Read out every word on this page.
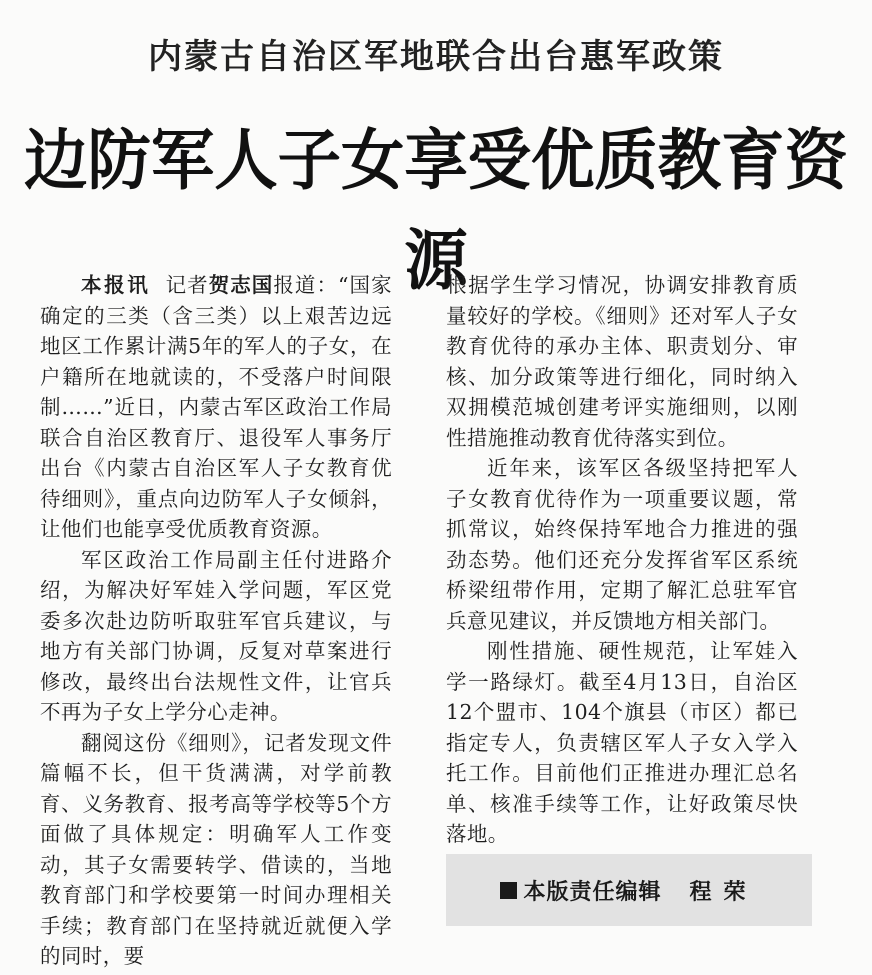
内蒙古自治区军地联合出台惠军政策
边防军人子女享受优质教育资源

本报讯 记者贺志国报道：“国家确定的三类（含三类）以上艰苦边远地区工作累计满5年的军人的子女，在户籍所在地就读的，不受落户时间限制……”近日，内蒙古军区政治工作局联合自治区教育厅、退役军人事务厅出台《内蒙古自治区军人子女教育优待细则》，重点向边防军人子女倾斜，让他们也能享受优质教育资源。

军区政治工作局副主任付进路介绍，为解决好军娃入学问题，军区党委多次赴边防听取驻军官兵建议，与地方有关部门协调，反复对草案进行修改，最终出台法规性文件，让官兵不再为子女上学分心走神。

翻阅这份《细则》，记者发现文件篇幅不长，但干货满满，对学前教育、义务教育、报考高等学校等5个方面做了具体规定：明确军人工作变动，其子女需要转学、借读的，当地教育部门和学校要第一时间办理相关手续；教育部门在坚持就近就便入学的同时，要

根据学生学习情况，协调安排教育质量较好的学校。《细则》还对军人子女教育优待的承办主体、职责划分、审核、加分政策等进行细化，同时纳入双拥模范城创建考评实施细则，以刚性措施推动教育优待落实到位。

近年来，该军区各级坚持把军人子女教育优待作为一项重要议题，常抓常议，始终保持军地合力推进的强劲态势。他们还充分发挥省军区系统桥梁纽带作用，定期了解汇总驻军官兵意见建议，并反馈地方相关部门。

刚性措施、硬性规范，让军娃入学一路绿灯。截至4月13日，自治区12个盟市、104个旗县（市区）都已指定专人，负责辖区军人子女入学入托工作。目前他们正推进办理汇总名单、核准手续等工作，让好政策尽快落地。

本版责任编辑 程荣
